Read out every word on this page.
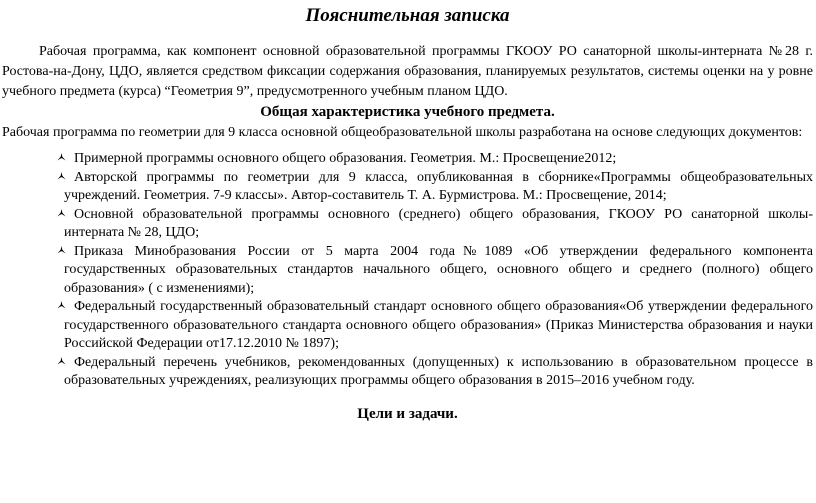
Пояснительная записка

Рабочая программа, как компонент основной образовательной программы ГКООУ РО санаторной школы-интерната №28 г. Ростова-на-Дону, ЦДО, является средством фиксации содержания образования, планируемых результатов, системы оценки на у ровне учебного предмета (курса) “Геометрия 9”, предусмотренного учебным планом ЦДО.

Общая характеристика учебного предмета.

Рабочая программа по геометрии для 9 класса основной общеобразовательной школы разработана на основе следующих документов:

Примерной программы основного общего образования. Геометрия. М.: Просвещение2012;
Авторской программы по геометрии для 9 класса, опубликованная в сборнике«Программы общеобразовательных учреждений. Геометрия. 7-9 классы». Автор-составитель Т. А. Бурмистрова. М.: Просвещение, 2014;
Основной образовательной программы основного (среднего) общего образования, ГКООУ РО санаторной школы-интерната № 28, ЦДО;
Приказа Минобразования России от 5 марта 2004 года№1089 «Об утверждении федерального компонента государственных образовательных стандартов начального общего, основного общего и среднего (полного) общего образования» ( с изменениями);
Федеральный государственный образовательный стандарт основного общего образования«Об утверждении федерального государственного образовательного стандарта основного общего образования» (Приказ Министерства образования и науки Российской Федерации от17.12.2010 № 1897);
Федеральный перечень учебников, рекомендованных (допущенных) к использованию в образовательном процессе в образовательных учреждениях, реализующих программы общего образования в 2015–2016 учебном году.
Цели и задачи.
